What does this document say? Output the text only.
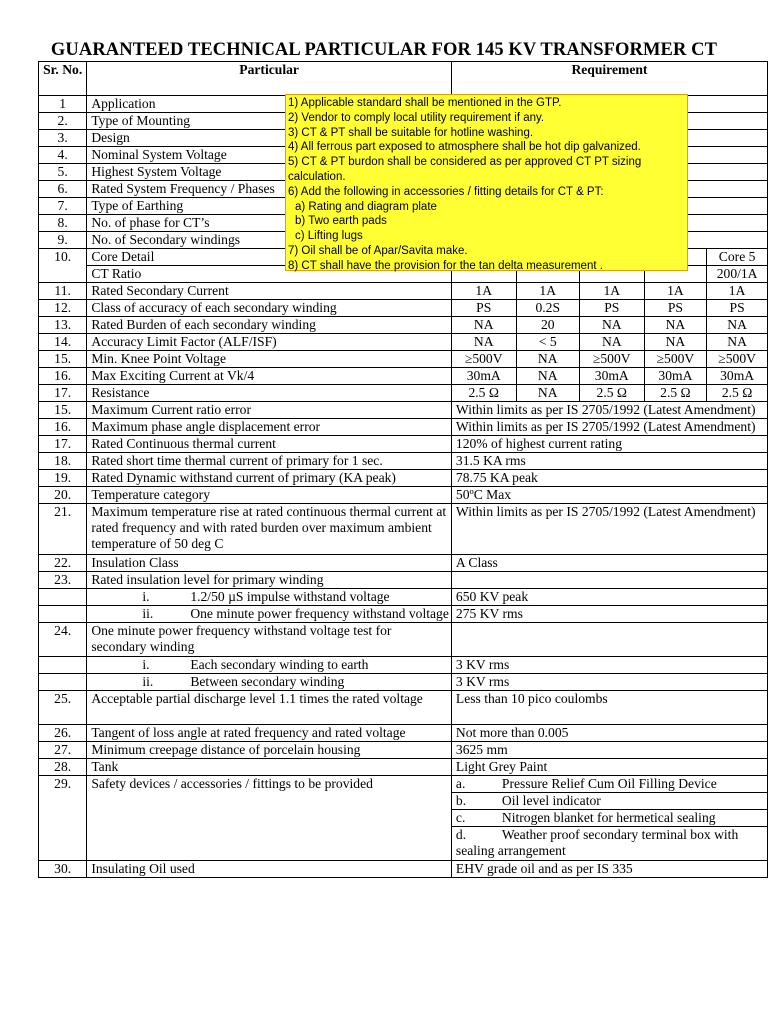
GUARANTEED TECHNICAL PARTICULAR FOR 145 KV TRANSFORMER CT
Sr. No.	Particular	Requirement				
1	Application					
2.	Type of Mounting					
3.	Design					
4.	Nominal System Voltage					
5.	Highest System Voltage					
6.	Rated System Frequency / Phases					
7.	Type of Earthing					
8.	No. of phase for CT’s					
9.	No. of Secondary windings					
10.	Core Detail					Core 5
	CT Ratio					200/1A
11.	Rated Secondary Current	1A	1A	1A	1A	1A
12.	Class of accuracy of each secondary winding	PS	0.2S	PS	PS	PS
13.	Rated Burden of each secondary winding	NA	20	NA	NA	NA
14.	Accuracy Limit Factor (ALF/ISF)	NA	< 5	NA	NA	NA
15.	Min. Knee Point Voltage	≥500V	NA	≥500V	≥500V	≥500V
16.	Max Exciting Current at Vk/4	30mA	NA	30mA	30mA	30mA
17.	Resistance	2.5 Ω	NA	2.5 Ω	2.5 Ω	2.5 Ω
15.	Maximum Current ratio error	Within limits as per IS 2705/1992 (Latest Amendment)				
16.	Maximum phase angle displacement error	Within limits as per IS 2705/1992 (Latest Amendment)				
17.	Rated Continuous thermal current	120% of highest current rating				
18.	Rated short time thermal current of primary for 1 sec.	31.5 KA rms				
19.	Rated Dynamic withstand current of primary (KA peak)	78.75 KA peak				
20.	Temperature category	50ºC Max				
21.	Maximum temperature rise at rated continuous thermal current at rated frequency and with rated burden over maximum ambient temperature of 50 deg C	Within limits as per IS 2705/1992 (Latest Amendment)				
22.	Insulation Class	A Class				
23.	Rated insulation level for primary winding					
	i. 1.2/50 µS impulse withstand voltage	650 KV peak				
	ii. One minute power frequency withstand voltage	275 KV rms				
24.	One minute power frequency withstand voltage test for secondary winding					
	i. Each secondary winding to earth	3 KV rms				
	ii. Between secondary winding	3 KV rms				
25.	Acceptable partial discharge level 1.1 times the rated voltage	Less than 10 pico coulombs				
26.	Tangent of loss angle at rated frequency and rated voltage	Not more than 0.005				
27.	Minimum creepage distance of porcelain housing	3625 mm				
28.	Tank	Light Grey Paint				
29.	Safety devices / accessories / fittings to be provided	a. Pressure Relief Cum Oil Filling Device				
		b. Oil level indicator				
		c. Nitrogen blanket for hermetical sealing				
		d. Weather proof secondary terminal box with sealing arrangement				
30.	Insulating Oil used	EHV grade oil and as per IS 335				
1) Applicable standard shall be mentioned in the GTP.
2) Vendor to comply local utility requirement if any.
3) CT & PT shall be suitable for hotline washing.
4) All ferrous part exposed to atmosphere shall be hot dip galvanized.
5) CT & PT burdon shall be considered as per approved CT PT sizing
calculation.
6) Add the following in accessories / fitting details for CT & PT:
a) Rating and diagram plate
b) Two earth pads
c) Lifting lugs
7) Oil shall be of Apar/Savita make.
8) CT shall have the provision for the tan delta measurement .
